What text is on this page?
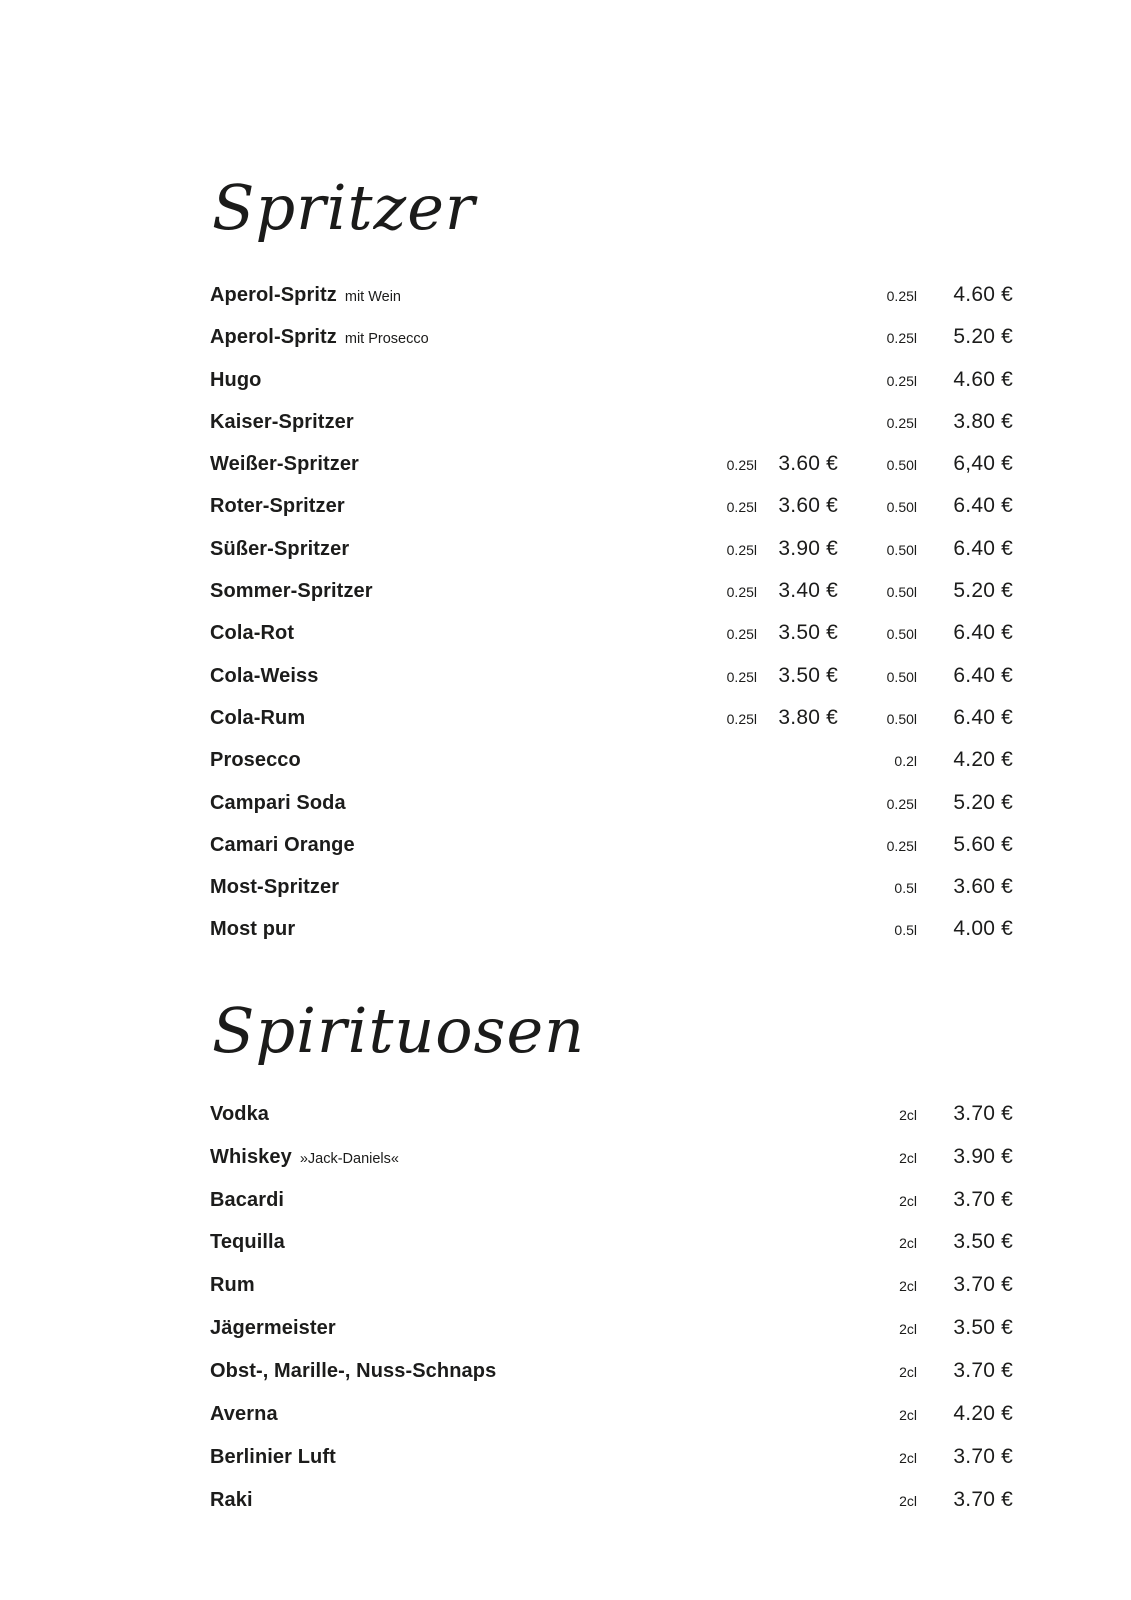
Spritzer
Aperol-Spritz mit Wein	0.25l	4.60 €
Aperol-Spritz mit Prosecco	0.25l	5.20 €
Hugo	0.25l	4.60 €
Kaiser-Spritzer	0.25l	3.80 €
Weißer-Spritzer	0.25l	3.60 €	0.50l	6,40 €
Roter-Spritzer	0.25l	3.60 €	0.50l	6.40 €
Süßer-Spritzer	0.25l	3.90 €	0.50l	6.40 €
Sommer-Spritzer	0.25l	3.40 €	0.50l	5.20 €
Cola-Rot	0.25l	3.50 €	0.50l	6.40 €
Cola-Weiss	0.25l	3.50 €	0.50l	6.40 €
Cola-Rum	0.25l	3.80 €	0.50l	6.40 €
Prosecco	0.2l	4.20 €
Campari Soda	0.25l	5.20 €
Camari Orange	0.25l	5.60 €
Most-Spritzer	0.5l	3.60 €
Most pur	0.5l	4.00 €
Spirituosen
Vodka	2cl	3.70 €
Whiskey »Jack-Daniels«	2cl	3.90 €
Bacardi	2cl	3.70 €
Tequilla	2cl	3.50 €
Rum	2cl	3.70 €
Jägermeister	2cl	3.50 €
Obst-, Marille-, Nuss-Schnaps	2cl	3.70 €
Averna	2cl	4.20 €
Berlinier Luft	2cl	3.70 €
Raki	2cl	3.70 €
